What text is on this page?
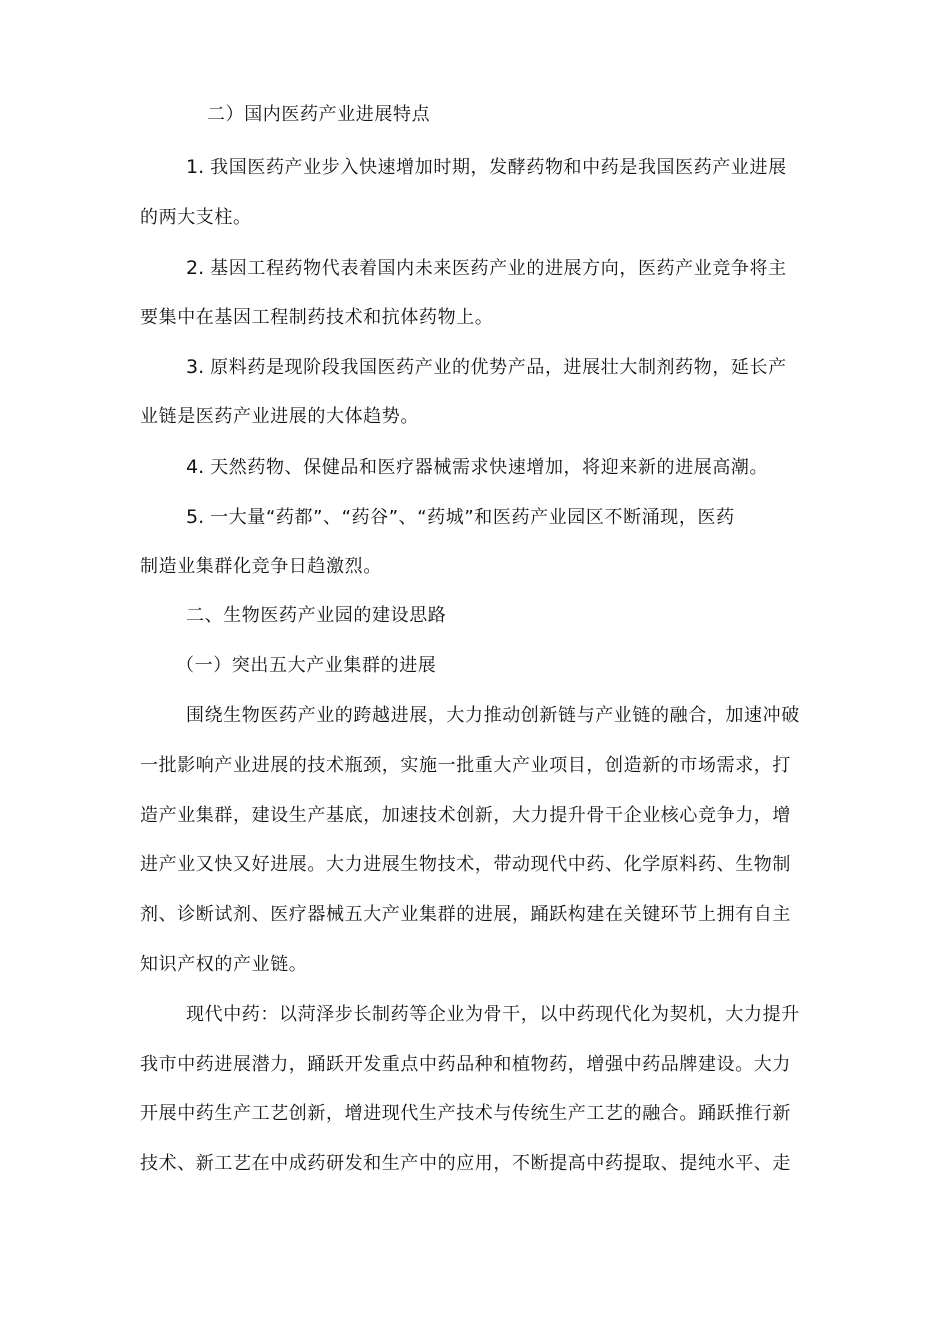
二）国内医药产业进展特点
1. 我国医药产业步入快速增加时期，发酵药物和中药是我国医药产业进展
的两大支柱。
2. 基因工程药物代表着国内未来医药产业的进展方向，医药产业竞争将主
要集中在基因工程制药技术和抗体药物上。
3. 原料药是现阶段我国医药产业的优势产品，进展壮大制剂药物，延长产
业链是医药产业进展的大体趋势。
4. 天然药物、保健品和医疗器械需求快速增加，将迎来新的进展高潮。
5. 一大量“药都”、“药谷”、“药城”和医药产业园区不断涌现，医药
制造业集群化竞争日趋激烈。
二、生物医药产业园的建设思路
（一）突出五大产业集群的进展
围绕生物医药产业的跨越进展，大力推动创新链与产业链的融合，加速冲破
一批影响产业进展的技术瓶颈，实施一批重大产业项目，创造新的市场需求，打
造产业集群，建设生产基底，加速技术创新，大力提升骨干企业核心竞争力，增
进产业又快又好进展。大力进展生物技术，带动现代中药、化学原料药、生物制
剂、诊断试剂、医疗器械五大产业集群的进展，踊跃构建在关键环节上拥有自主
知识产权的产业链。
现代中药：以菏泽步长制药等企业为骨干，以中药现代化为契机，大力提升
我市中药进展潜力，踊跃开发重点中药品种和植物药，增强中药品牌建设。大力
开展中药生产工艺创新，增进现代生产技术与传统生产工艺的融合。踊跃推行新
技术、新工艺在中成药研发和生产中的应用，不断提高中药提取、提纯水平、走
